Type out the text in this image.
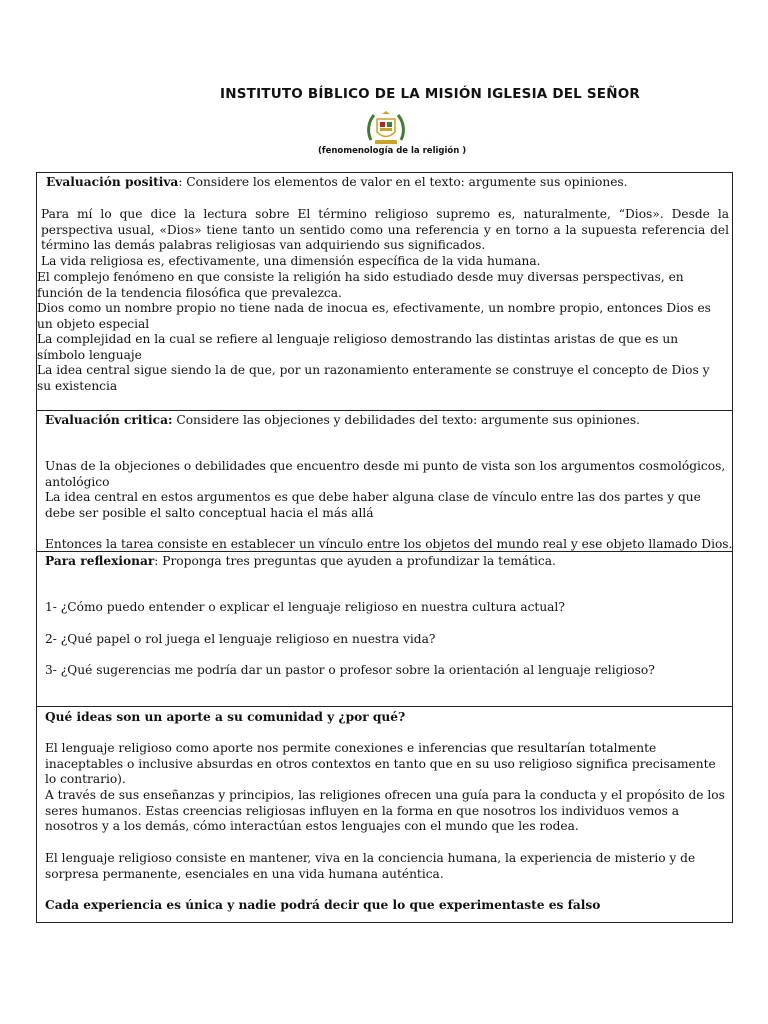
INSTITUTO BÍBLICO DE LA MISIÓN IGLESIA DEL SEÑOR
(fenomenología de la religión )

Evaluación positiva: Considere los elementos de valor en el texto: argumente sus opiniones.

Para mí lo que dice la lectura sobre El término religioso supremo es, naturalmente, “Dios». Desde la perspectiva usual, «Dios» tiene tanto un sentido como una referencia y en torno a la supuesta referencia del término las demás palabras religiosas van adquiriendo sus significados.

La vida religiosa es, efectivamente, una dimensión específica de la vida humana.

El complejo fenómeno en que consiste la religión ha sido estudiado desde muy diversas perspectivas, en función de la tendencia filosófica que prevalezca.

Dios como un nombre propio no tiene nada de inocua es, efectivamente, un nombre propio, entonces Dios es un objeto especial

La complejidad en la cual se refiere al lenguaje religioso demostrando las distintas aristas de que es un símbolo lenguaje

La idea central sigue siendo la de que, por un razonamiento enteramente se construye el concepto de Dios y su existencia

Evaluación critica: Considere las objeciones y debilidades del texto: argumente sus opiniones.

Unas de la objeciones o debilidades que encuentro desde mi punto de vista son los argumentos cosmológicos, antológico

La idea central en estos argumentos es que debe haber alguna clase de vínculo entre las dos partes y que debe ser posible el salto conceptual hacia el más allá

Entonces la tarea consiste en establecer un vínculo entre los objetos del mundo real y ese objeto llamado Dios.

Para reflexionar: Proponga tres preguntas que ayuden a profundizar la temática.

1- ¿Cómo puedo entender o explicar el lenguaje religioso en nuestra cultura actual?

2- ¿Qué papel o rol juega el lenguaje religioso en nuestra vida?

3- ¿Qué sugerencias me podría dar un pastor o profesor sobre la orientación al lenguaje religioso?

Qué ideas son un aporte a su comunidad y ¿por qué?

El lenguaje religioso como aporte nos permite conexiones e inferencias que resultarían totalmente inaceptables o inclusive absurdas en otros contextos en tanto que en su uso religioso significa precisamente lo contrario).

A través de sus enseñanzas y principios, las religiones ofrecen una guía para la conducta y el propósito de los seres humanos. Estas creencias religiosas influyen en la forma en que nosotros los individuos vemos a nosotros y a los demás, cómo interactúan estos lenguajes con el mundo que les rodea.

El lenguaje religioso consiste en mantener, viva en la conciencia humana, la experiencia de misterio y de sorpresa permanente, esenciales en una vida humana auténtica.

Cada experiencia es única y nadie podrá decir que lo que experimentaste es falso
